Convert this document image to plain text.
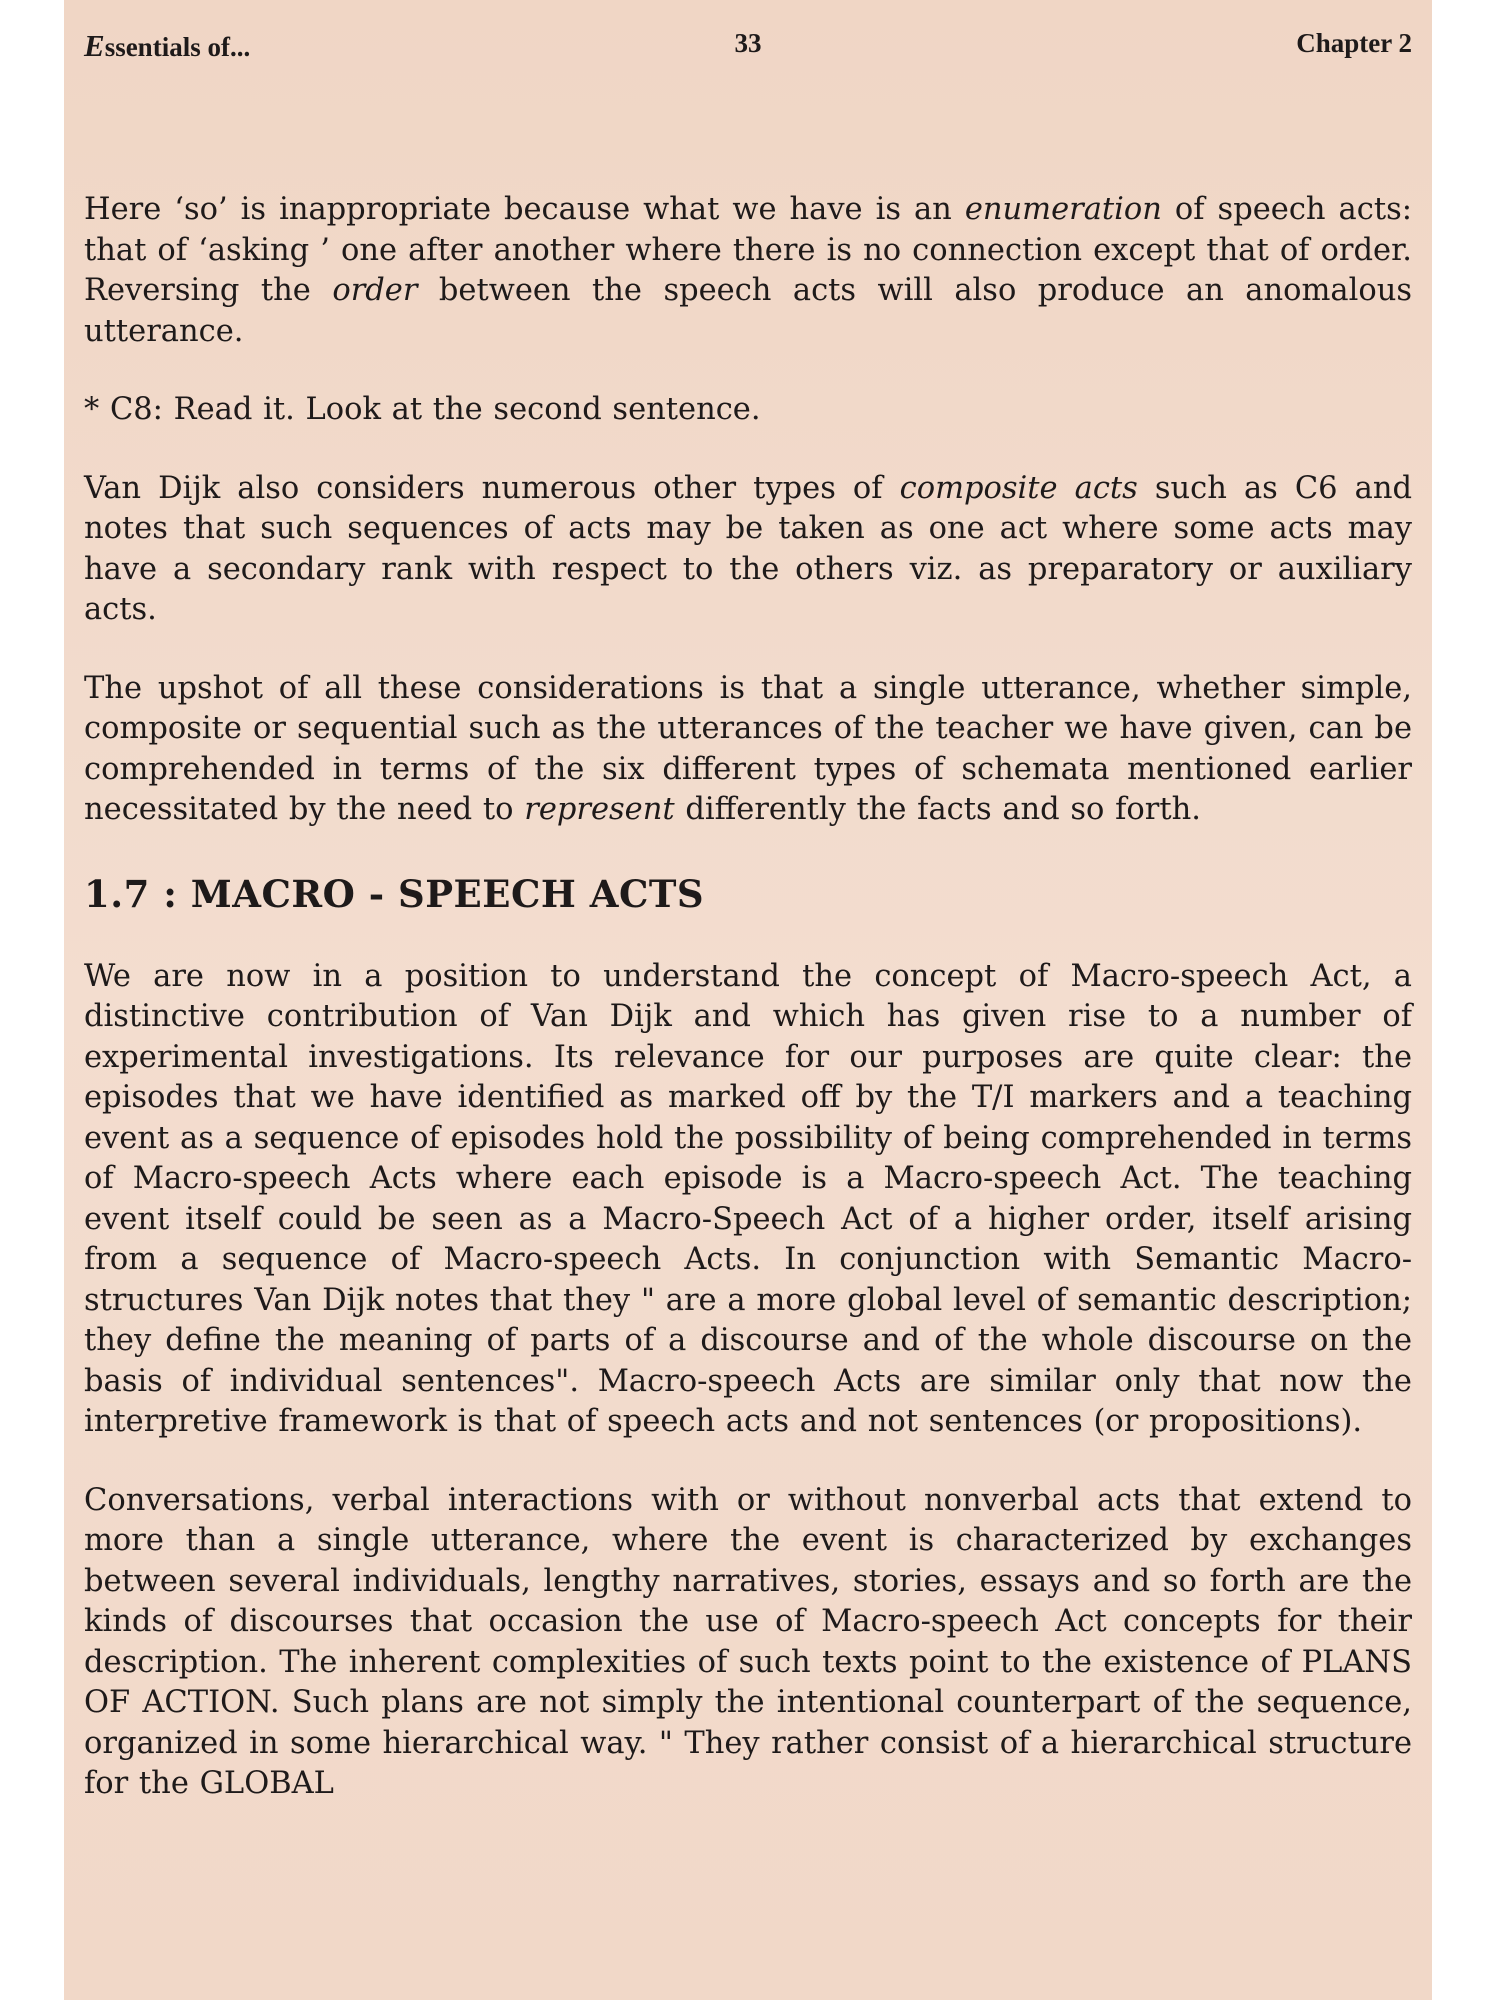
Essentials of...	33	Chapter 2

Here ‘so’ is inappropriate because what we have is an enumeration of speech acts: that of ‘asking ’ one after another where there is no connection except that of order. Reversing the order between the speech acts will also produce an anomalous utterance.

* C8: Read it. Look at the second sentence.

Van Dijk also considers numerous other types of composite acts such as C6 and notes that such sequences of acts may be taken as one act where some acts may have a secondary rank with respect to the others viz. as preparatory or auxiliary acts.

The upshot of all these considerations is that a single utterance, whether simple, composite or sequential such as the utterances of the teacher we have given, can be comprehended in terms of the six different types of schemata mentioned earlier necessitated by the need to represent differently the facts and so forth.

1.7 : MACRO - SPEECH ACTS

We are now in a position to understand the concept of Macro-speech Act, a distinctive contribution of Van Dijk and which has given rise to a number of experimental investigations. Its relevance for our purposes are quite clear: the episodes that we have identified as marked off by the T/I markers and a teaching event as a sequence of episodes hold the possibility of being comprehended in terms of Macro-speech Acts where each episode is a Macro-speech Act. The teaching event itself could be seen as a Macro-Speech Act of a higher order, itself arising from a sequence of Macro-speech Acts. In conjunction with Semantic Macro-structures Van Dijk notes that they " are a more global level of semantic description; they define the meaning of parts of a discourse and of the whole discourse on the basis of individual sentences". Macro-speech Acts are similar only that now the interpretive framework is that of speech acts and not sentences (or propositions).

Conversations, verbal interactions with or without nonverbal acts that extend to more than a single utterance, where the event is characterized by exchanges between several individuals, lengthy narratives, stories, essays and so forth are the kinds of discourses that occasion the use of Macro-speech Act concepts for their description. The inherent complexities of such texts point to the existence of PLANS OF ACTION. Such plans are not simply the intentional counterpart of the sequence, organized in some hierarchical way. " They rather consist of a hierarchical structure for the GLOBAL
